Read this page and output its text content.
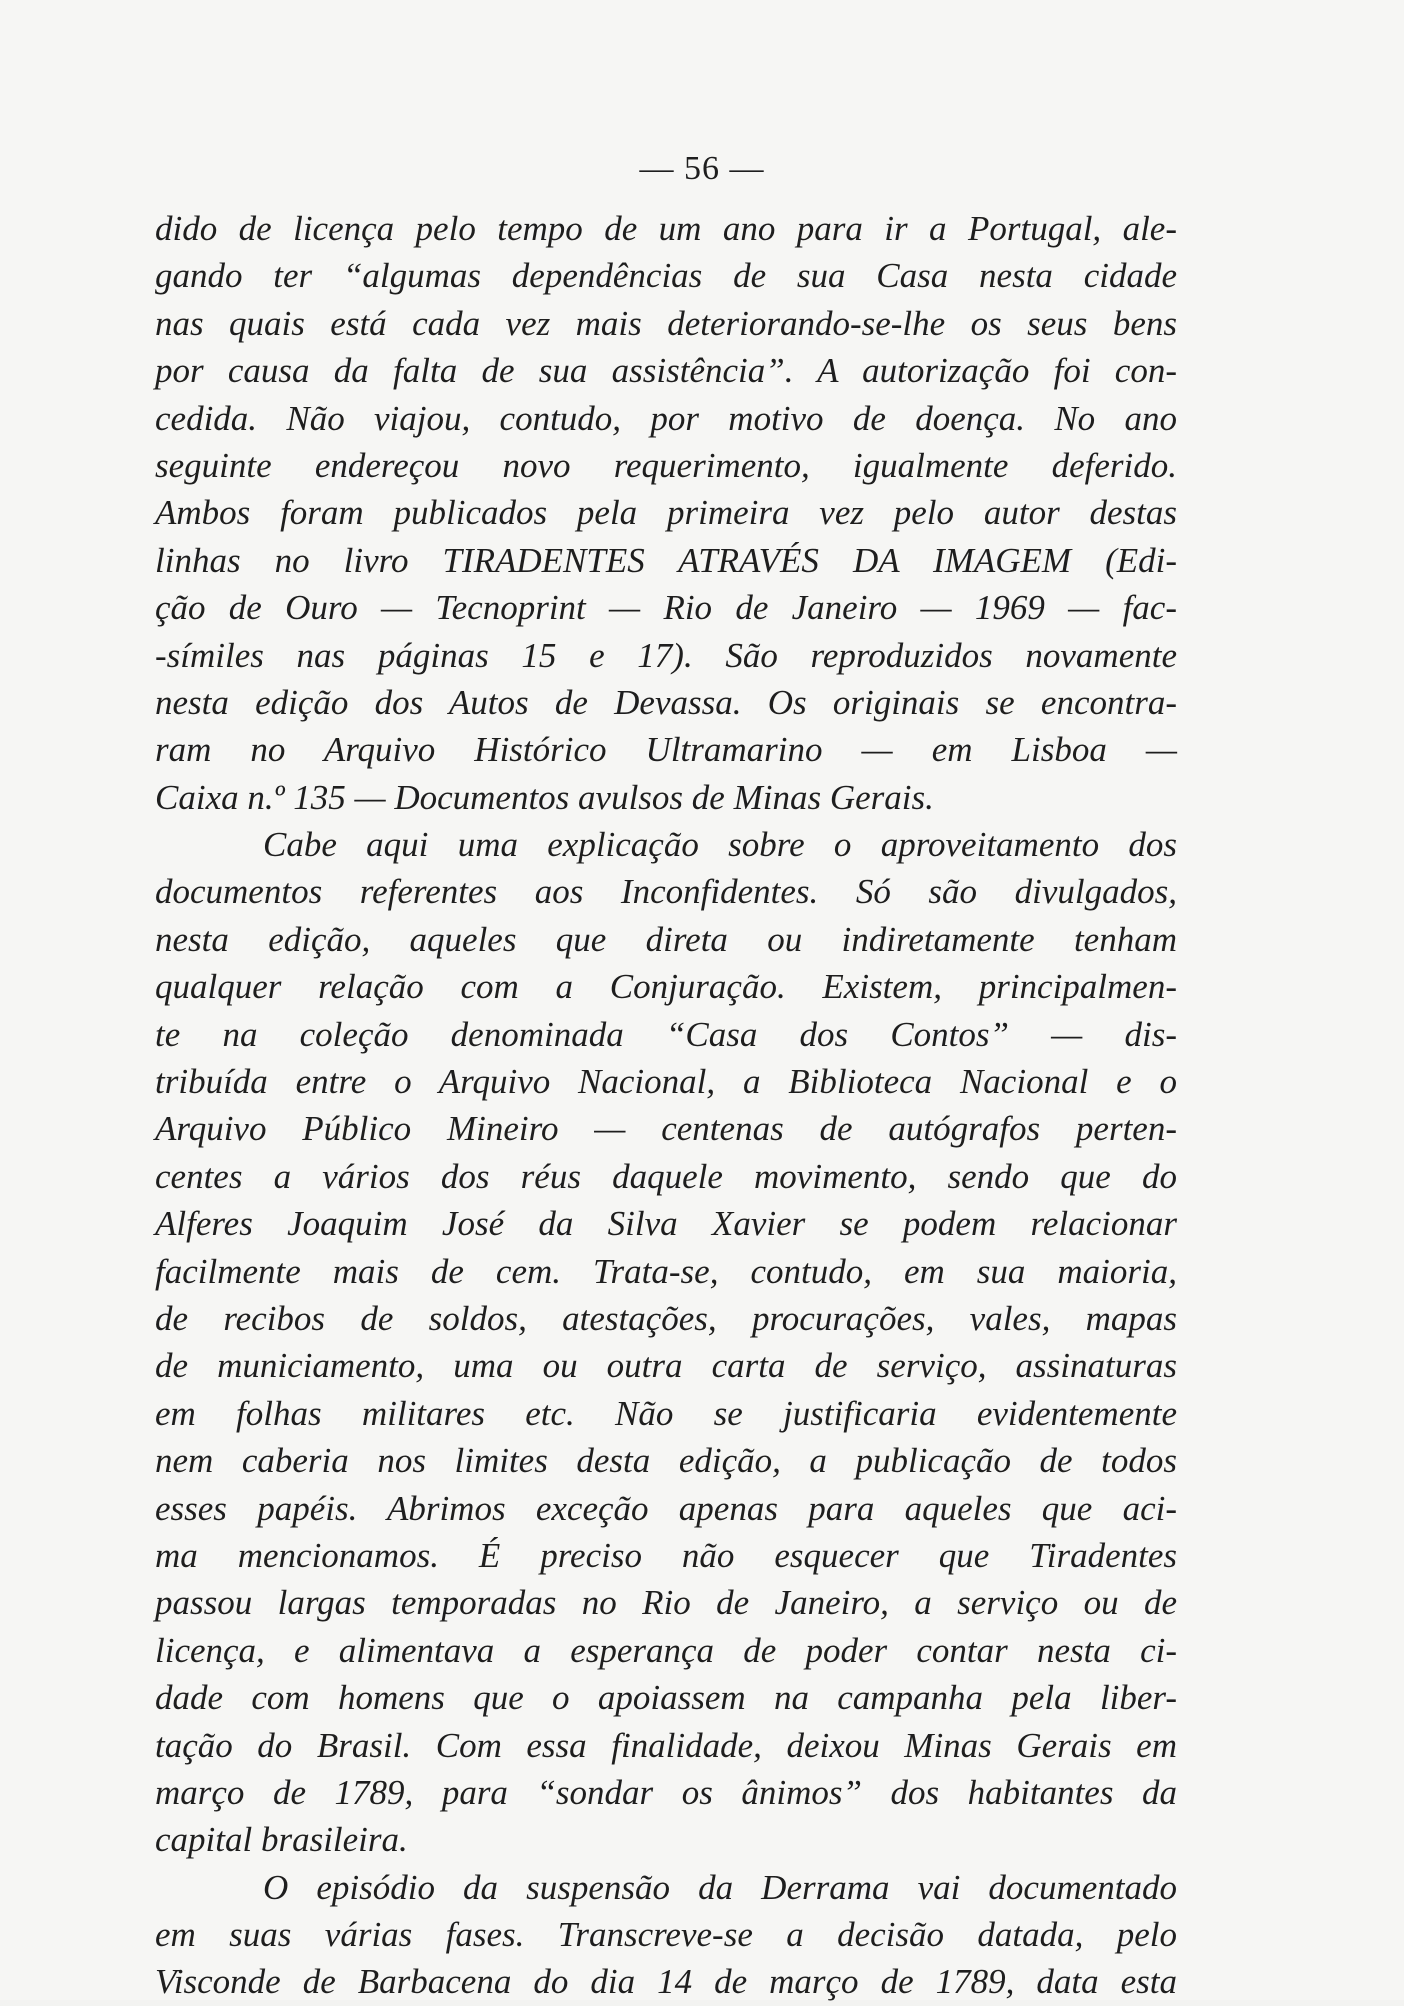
— 56 —
dido de licença pelo tempo de um ano para ir a Portugal, ale-
gando ter “algumas dependências de sua Casa nesta cidade
nas quais está cada vez mais deteriorando-se-lhe os seus bens
por causa da falta de sua assistência”. A autorização foi con-
cedida. Não viajou, contudo, por motivo de doença. No ano
seguinte endereçou novo requerimento, igualmente deferido.
Ambos foram publicados pela primeira vez pelo autor destas
linhas no livro TIRADENTES ATRAVÉS DA IMAGEM (Edi-
ção de Ouro — Tecnoprint — Rio de Janeiro — 1969 — fac-
-símiles nas páginas 15 e 17). São reproduzidos novamente
nesta edição dos Autos de Devassa. Os originais se encontra-
ram no Arquivo Histórico Ultramarino — em Lisboa —
Caixa n.º 135 — Documentos avulsos de Minas Gerais.
Cabe aqui uma explicação sobre o aproveitamento dos
documentos referentes aos Inconfidentes. Só são divulgados,
nesta edição, aqueles que direta ou indiretamente tenham
qualquer relação com a Conjuração. Existem, principalmen-
te na coleção denominada “Casa dos Contos” — dis-
tribuída entre o Arquivo Nacional, a Biblioteca Nacional e o
Arquivo Público Mineiro — centenas de autógrafos perten-
centes a vários dos réus daquele movimento, sendo que do
Alferes Joaquim José da Silva Xavier se podem relacionar
facilmente mais de cem. Trata-se, contudo, em sua maioria,
de recibos de soldos, atestações, procurações, vales, mapas
de municiamento, uma ou outra carta de serviço, assinaturas
em folhas militares etc. Não se justificaria evidentemente
nem caberia nos limites desta edição, a publicação de todos
esses papéis. Abrimos exceção apenas para aqueles que aci-
ma mencionamos. É preciso não esquecer que Tiradentes
passou largas temporadas no Rio de Janeiro, a serviço ou de
licença, e alimentava a esperança de poder contar nesta ci-
dade com homens que o apoiassem na campanha pela liber-
tação do Brasil. Com essa finalidade, deixou Minas Gerais em
março de 1789, para “sondar os ânimos” dos habitantes da
capital brasileira.
O episódio da suspensão da Derrama vai documentado
em suas várias fases. Transcreve-se a decisão datada, pelo
Visconde de Barbacena do dia 14 de março de 1789, data esta
